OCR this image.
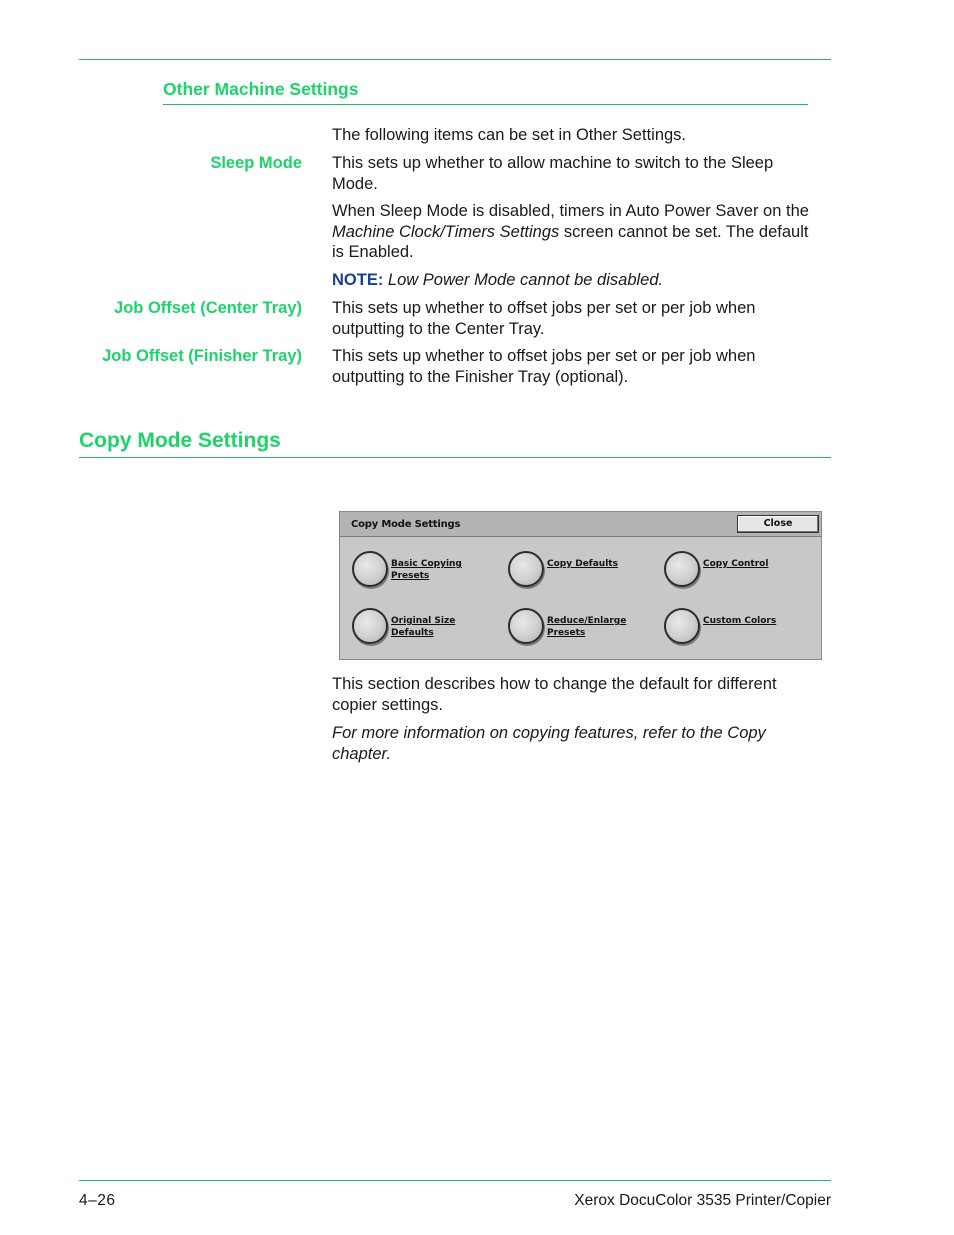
Other Machine Settings
The following items can be set in Other Settings.
Sleep Mode This sets up whether to allow machine to switch to the Sleep
Mode.
When Sleep Mode is disabled, timers in Auto Power Saver on the
Machine Clock/Timers Settings screen cannot be set. The default
is Enabled.
NOTE: Low Power Mode cannot be disabled.
Job Offset (Center Tray) This sets up whether to offset jobs per set or per job when
outputting to the Center Tray.
Job Offset (Finisher Tray) This sets up whether to offset jobs per set or per job when
outputting to the Finisher Tray (optional).
Copy Mode Settings
Copy Mode Settings	Close
Basic Copying
Presets
Copy Defaults	Copy Control
Original Size
Defaults
Reduce/Enlarge
Presets
Custom Colors
This section describes how to change the default for different
copier settings.
For more information on copying features, refer to the Copy
chapter.
4–26	Xerox DocuColor 3535 Printer/Copier
